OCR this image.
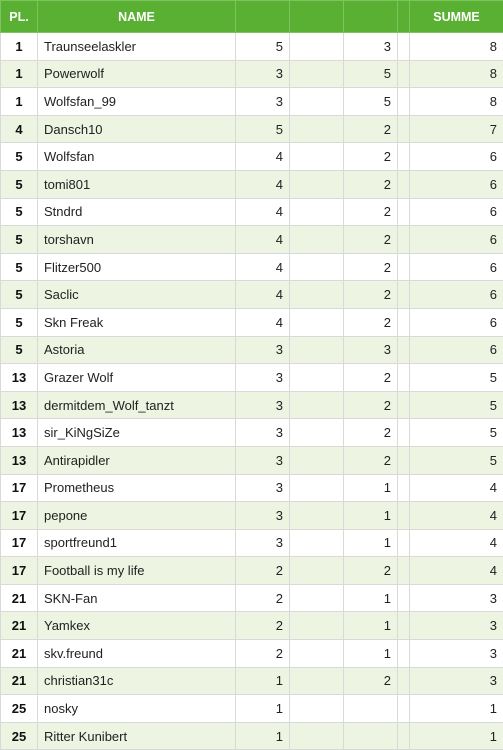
PL.	NAME					SUMME
1	Traunseelaskler	5		3		8
1	Powerwolf	3		5		8
1	Wolfsfan_99	3		5		8
4	Dansch10	5		2		7
5	Wolfsfan	4		2		6
5	tomi801	4		2		6
5	Stndrd	4		2		6
5	torshavn	4		2		6
5	Flitzer500	4		2		6
5	Saclic	4		2		6
5	Skn Freak	4		2		6
5	Astoria	3		3		6
13	Grazer Wolf	3		2		5
13	dermitdem_Wolf_tanzt	3		2		5
13	sir_KiNgSiZe	3		2		5
13	Antirapidler	3		2		5
17	Prometheus	3		1		4
17	pepone	3		1		4
17	sportfreund1	3		1		4
17	Football is my life	2		2		4
21	SKN-Fan	2		1		3
21	Yamkex	2		1		3
21	skv.freund	2		1		3
21	christian31c	1		2		3
25	nosky	1				1
25	Ritter Kunibert	1				1
